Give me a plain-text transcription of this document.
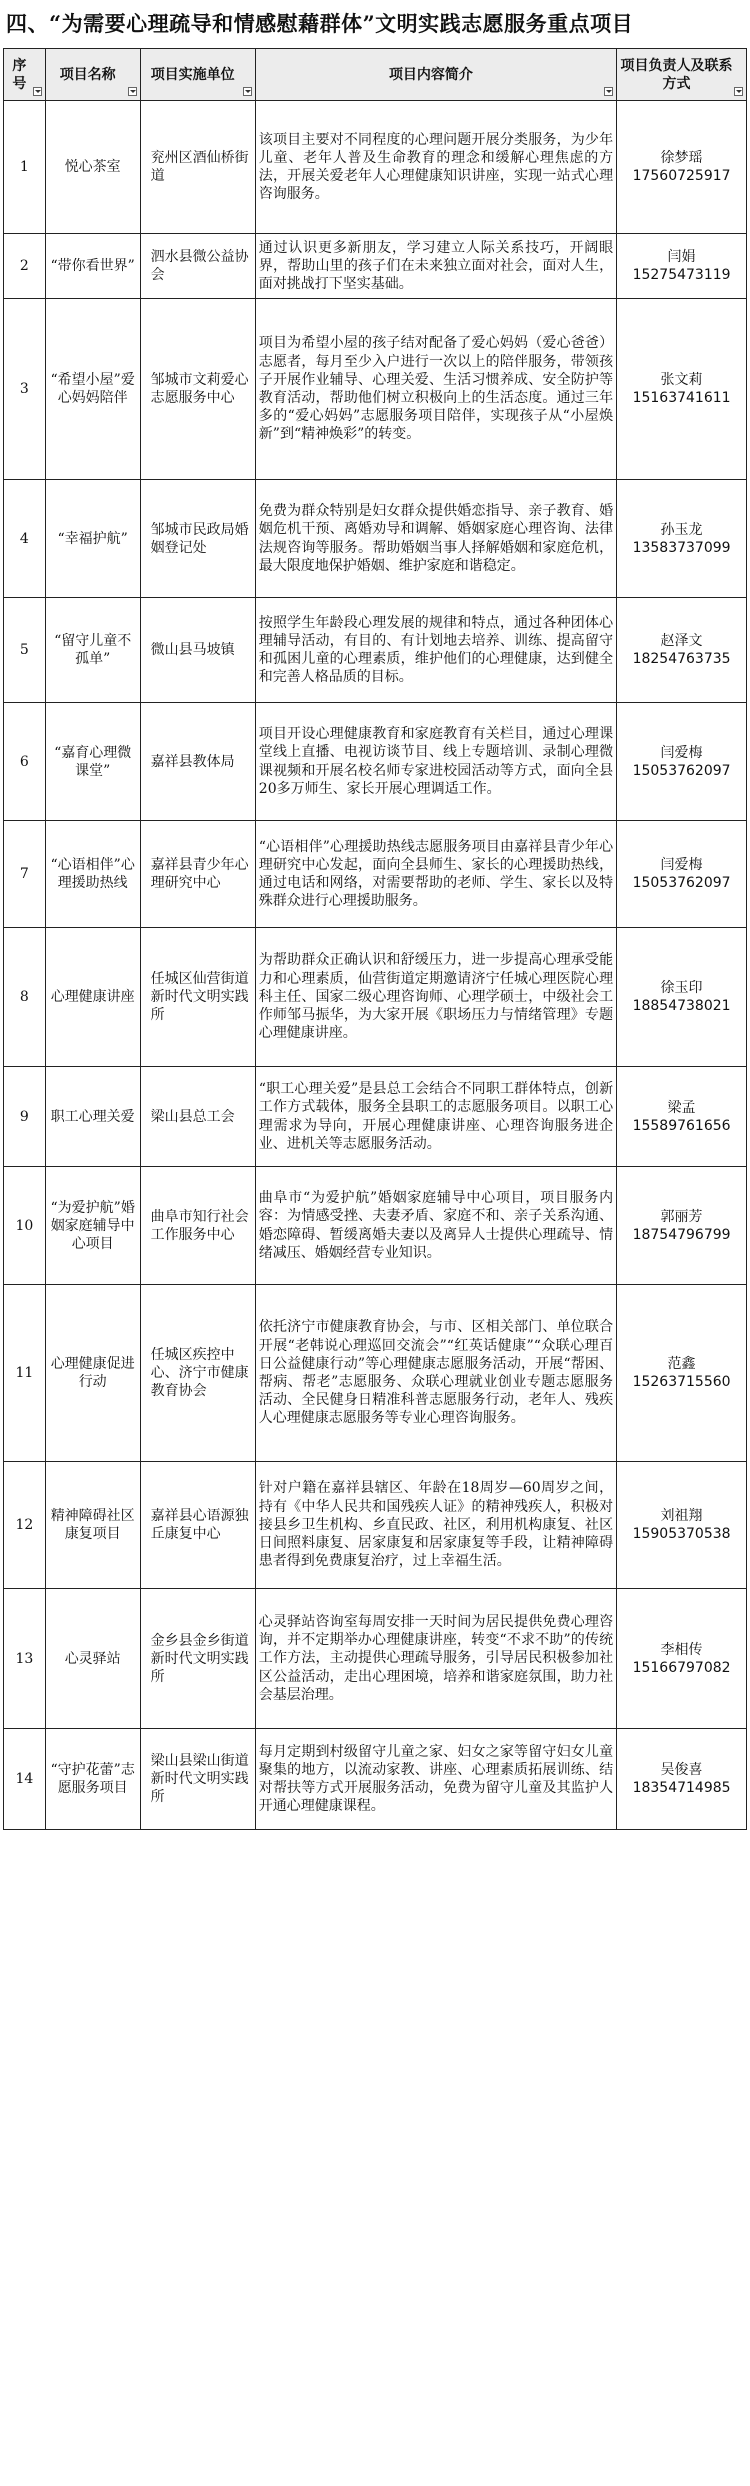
四、“为需要心理疏导和情感慰藉群体”文明实践志愿服务重点项目
序号	项目名称	项目实施单位	项目内容简介	项目负责人及联系方式

1	悦心茶室	兖州区酒仙桥街道	该项目主要对不同程度的心理问题开展分类服务，为少年儿童、老年人普及生命教育的理念和缓解心理焦虑的方法，开展关爱老年人心理健康知识讲座，实现一站式心理咨询服务。	徐梦瑶
17560725917

2	“带你看世界”	泗水县微公益协会	通过认识更多新朋友，学习建立人际关系技巧，开阔眼界，帮助山里的孩子们在未来独立面对社会，面对人生，面对挑战打下坚实基础。	闫娟
15275473119

3	“希望小屋”爱心妈妈陪伴	邹城市文莉爱心志愿服务中心	项目为希望小屋的孩子结对配备了爱心妈妈（爱心爸爸）志愿者，每月至少入户进行一次以上的陪伴服务，带领孩子开展作业辅导、心理关爱、生活习惯养成、安全防护等教育活动，帮助他们树立积极向上的生活态度。通过三年多的“爱心妈妈”志愿服务项目陪伴，实现孩子从“小屋焕新”到“精神焕彩”的转变。	张文莉
15163741611

4	“幸福护航”	邹城市民政局婚姻登记处	免费为群众特别是妇女群众提供婚恋指导、亲子教育、婚姻危机干预、离婚劝导和调解、婚姻家庭心理咨询、法律法规咨询等服务。帮助婚姻当事人择解婚姻和家庭危机，最大限度地保护婚姻、维护家庭和谐稳定。	孙玉龙
13583737099

5	“留守儿童不孤单”	微山县马坡镇	按照学生年龄段心理发展的规律和特点，通过各种团体心理辅导活动，有目的、有计划地去培养、训练、提高留守和孤困儿童的心理素质，维护他们的心理健康，达到健全和完善人格品质的目标。	赵泽文
18254763735

6	“嘉育心理微课堂”	嘉祥县教体局	项目开设心理健康教育和家庭教育有关栏目，通过心理课堂线上直播、电视访谈节目、线上专题培训、录制心理微课视频和开展名校名师专家进校园活动等方式，面向全县20多万师生、家长开展心理调适工作。	闫爱梅
15053762097

7	“心语相伴”心理援助热线	嘉祥县青少年心理研究中心	“心语相伴”心理援助热线志愿服务项目由嘉祥县青少年心理研究中心发起，面向全县师生、家长的心理援助热线，通过电话和网络，对需要帮助的老师、学生、家长以及特殊群众进行心理援助服务。	闫爱梅
15053762097

8	心理健康讲座	任城区仙营街道新时代文明实践所	为帮助群众正确认识和舒缓压力，进一步提高心理承受能力和心理素质，仙营街道定期邀请济宁任城心理医院心理科主任、国家二级心理咨询师、心理学硕士，中级社会工作师邹马振华，为大家开展《职场压力与情绪管理》专题心理健康讲座。	徐玉印
18854738021

9	职工心理关爱	梁山县总工会	“职工心理关爱”是县总工会结合不同职工群体特点，创新工作方式载体，服务全县职工的志愿服务项目。以职工心理需求为导向，开展心理健康讲座、心理咨询服务进企业、进机关等志愿服务活动。	梁孟
15589761656

10	“为爱护航”婚姻家庭辅导中心项目	曲阜市知行社会工作服务中心	曲阜市“为爱护航”婚姻家庭辅导中心项目，项目服务内容：为情感受挫、夫妻矛盾、家庭不和、亲子关系沟通、婚恋障碍、暂缓离婚夫妻以及离异人士提供心理疏导、情绪减压、婚姻经营专业知识。	郭丽芳
18754796799

11	心理健康促进行动	任城区疾控中心、济宁市健康教育协会	依托济宁市健康教育协会，与市、区相关部门、单位联合开展“老韩说心理巡回交流会”“红英话健康”“众联心理百日公益健康行动”等心理健康志愿服务活动，开展“帮困、帮病、帮老”志愿服务、众联心理就业创业专题志愿服务活动、全民健身日精准科普志愿服务行动，老年人、残疾人心理健康志愿服务等专业心理咨询服务。	范鑫
15263715560

12	精神障碍社区康复项目	嘉祥县心语源独丘康复中心	针对户籍在嘉祥县辖区、年龄在18周岁—60周岁之间，持有《中华人民共和国残疾人证》的精神残疾人，积极对接县乡卫生机构、乡直民政、社区，利用机构康复、社区日间照料康复、居家康复和居家康复等手段，让精神障碍患者得到免费康复治疗，过上幸福生活。	刘祖翔
15905370538

13	心灵驿站	金乡县金乡街道新时代文明实践所	心灵驿站咨询室每周安排一天时间为居民提供免费心理咨询，并不定期举办心理健康讲座，转变“不求不助”的传统工作方法，主动提供心理疏导服务，引导居民积极参加社区公益活动，走出心理困境，培养和谐家庭氛围，助力社会基层治理。	李相传
15166797082

14	“守护花蕾”志愿服务项目	梁山县梁山街道新时代文明实践所	每月定期到村级留守儿童之家、妇女之家等留守妇女儿童聚集的地方，以流动家教、讲座、心理素质拓展训练、结对帮扶等方式开展服务活动，免费为留守儿童及其监护人开通心理健康课程。	吴俊喜
18354714985
